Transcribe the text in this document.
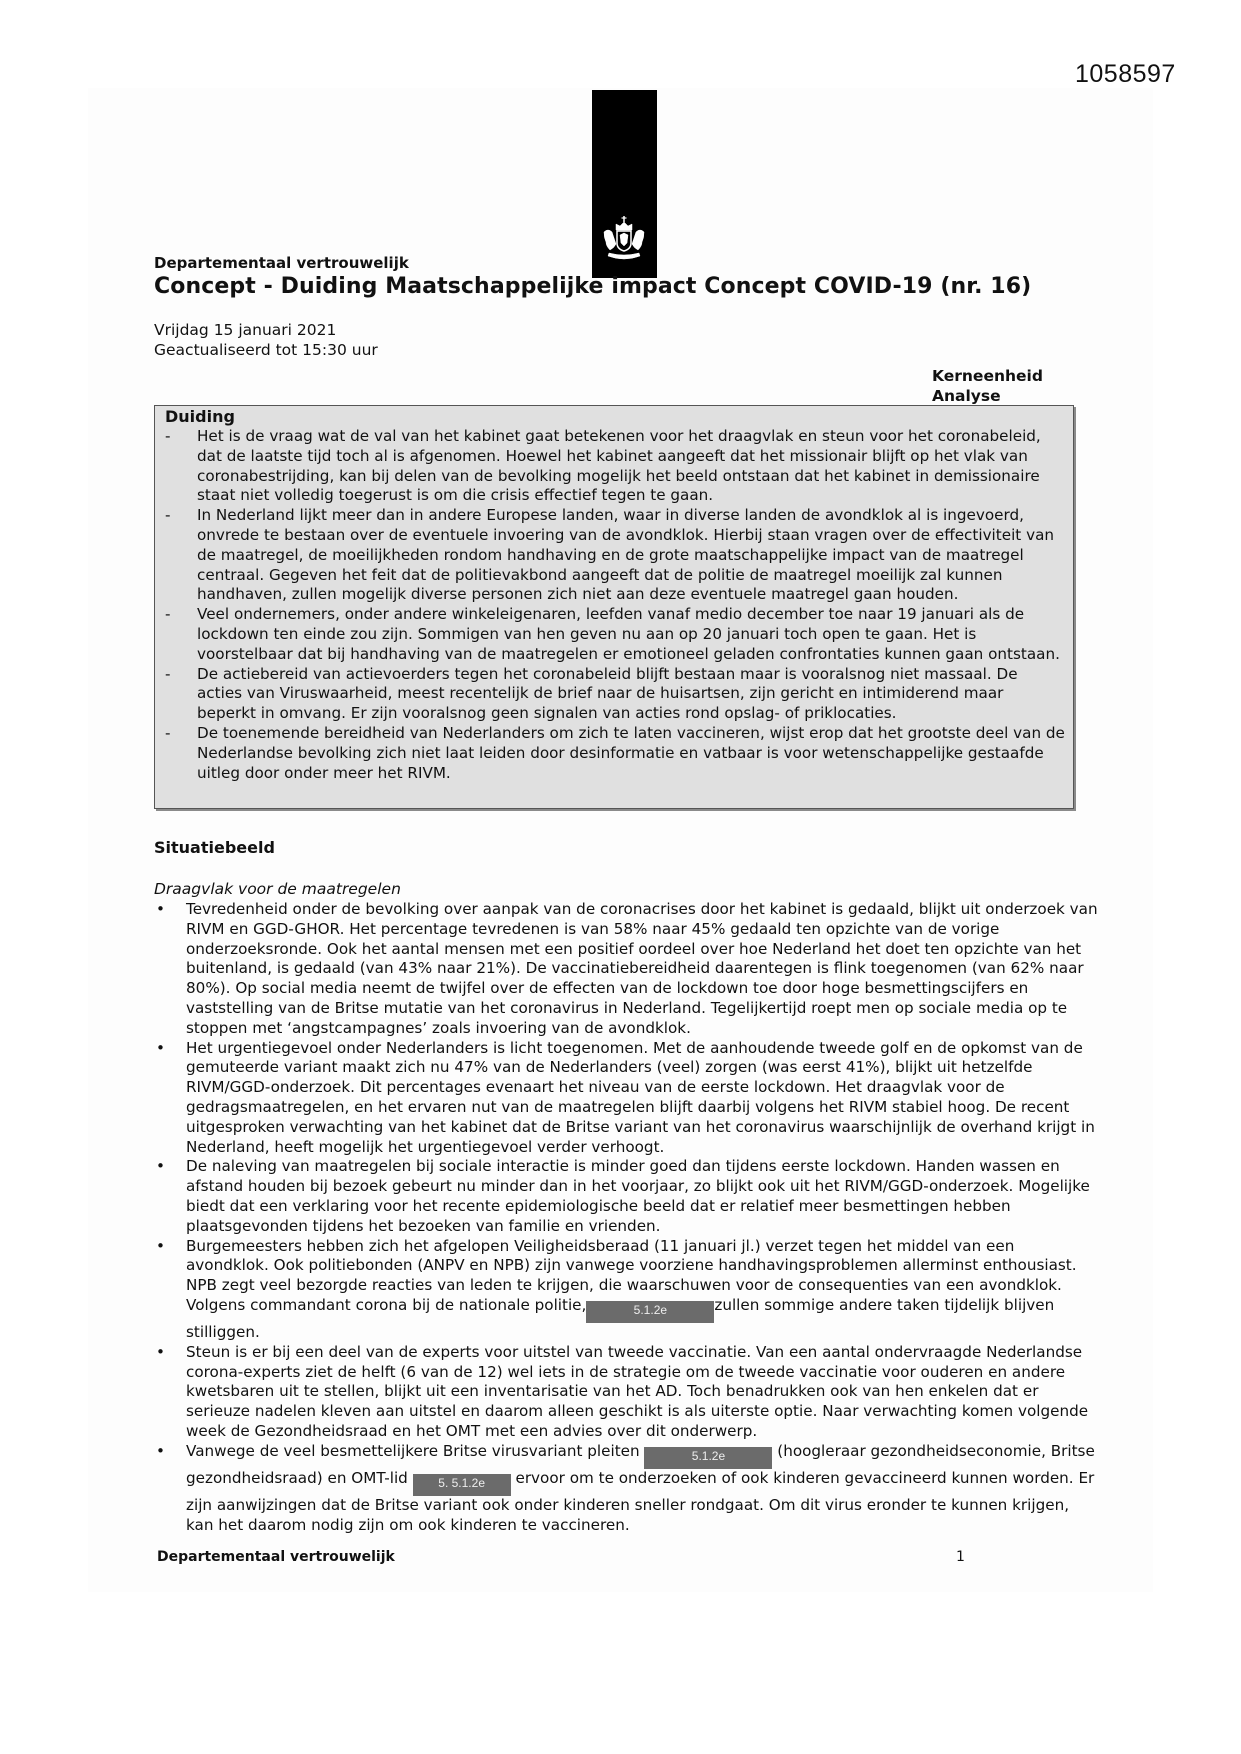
1058597
Departementaal vertrouwelijk
Concept - Duiding Maatschappelijke impact Concept COVID-19 (nr. 16)
Vrijdag 15 januari 2021
Geactualiseerd tot 15:30 uur
Kerneenheid
Analyse
Duiding
- Het is de vraag wat de val van het kabinet gaat betekenen voor het draagvlak en steun voor het coronabeleid, dat de laatste tijd toch al is afgenomen. Hoewel het kabinet aangeeft dat het missionair blijft op het vlak van coronabestrijding, kan bij delen van de bevolking mogelijk het beeld ontstaan dat het kabinet in demissionaire staat niet volledig toegerust is om die crisis effectief tegen te gaan.
- In Nederland lijkt meer dan in andere Europese landen, waar in diverse landen de avondklok al is ingevoerd, onvrede te bestaan over de eventuele invoering van de avondklok. Hierbij staan vragen over de effectiviteit van de maatregel, de moeilijkheden rondom handhaving en de grote maatschappelijke impact van de maatregel centraal. Gegeven het feit dat de politievakbond aangeeft dat de politie de maatregel moeilijk zal kunnen handhaven, zullen mogelijk diverse personen zich niet aan deze eventuele maatregel gaan houden.
- Veel ondernemers, onder andere winkeleigenaren, leefden vanaf medio december toe naar 19 januari als de lockdown ten einde zou zijn. Sommigen van hen geven nu aan op 20 januari toch open te gaan. Het is voorstelbaar dat bij handhaving van de maatregelen er emotioneel geladen confrontaties kunnen gaan ontstaan.
- De actiebereid van actievoerders tegen het coronabeleid blijft bestaan maar is vooralsnog niet massaal. De acties van Viruswaarheid, meest recentelijk de brief naar de huisartsen, zijn gericht en intimiderend maar beperkt in omvang. Er zijn vooralsnog geen signalen van acties rond opslag- of priklocaties.
- De toenemende bereidheid van Nederlanders om zich te laten vaccineren, wijst erop dat het grootste deel van de Nederlandse bevolking zich niet laat leiden door desinformatie en vatbaar is voor wetenschappelijke gestaafde uitleg door onder meer het RIVM.
Situatiebeeld
Draagvlak voor de maatregelen
• Tevredenheid onder de bevolking over aanpak van de coronacrises door het kabinet is gedaald, blijkt uit onderzoek van RIVM en GGD-GHOR. Het percentage tevredenen is van 58% naar 45% gedaald ten opzichte van de vorige onderzoeksronde. Ook het aantal mensen met een positief oordeel over hoe Nederland het doet ten opzichte van het buitenland, is gedaald (van 43% naar 21%). De vaccinatiebereidheid daarentegen is flink toegenomen (van 62% naar 80%). Op social media neemt de twijfel over de effecten van de lockdown toe door hoge besmettingscijfers en vaststelling van de Britse mutatie van het coronavirus in Nederland. Tegelijkertijd roept men op sociale media op te stoppen met ‘angstcampagnes’ zoals invoering van de avondklok.
• Het urgentiegevoel onder Nederlanders is licht toegenomen. Met de aanhoudende tweede golf en de opkomst van de gemuteerde variant maakt zich nu 47% van de Nederlanders (veel) zorgen (was eerst 41%), blijkt uit hetzelfde RIVM/GGD-onderzoek. Dit percentages evenaart het niveau van de eerste lockdown. Het draagvlak voor de gedragsmaatregelen, en het ervaren nut van de maatregelen blijft daarbij volgens het RIVM stabiel hoog. De recent uitgesproken verwachting van het kabinet dat de Britse variant van het coronavirus waarschijnlijk de overhand krijgt in Nederland, heeft mogelijk het urgentiegevoel verder verhoogt.
• De naleving van maatregelen bij sociale interactie is minder goed dan tijdens eerste lockdown. Handen wassen en afstand houden bij bezoek gebeurt nu minder dan in het voorjaar, zo blijkt ook uit het RIVM/GGD-onderzoek. Mogelijke biedt dat een verklaring voor het recente epidemiologische beeld dat er relatief meer besmettingen hebben plaatsgevonden tijdens het bezoeken van familie en vrienden.
• Burgemeesters hebben zich het afgelopen Veiligheidsberaad (11 januari jl.) verzet tegen het middel van een avondklok. Ook politiebonden (ANPV en NPB) zijn vanwege voorziene handhavingsproblemen allerminst enthousiast. NPB zegt veel bezorgde reacties van leden te krijgen, die waarschuwen voor de consequenties van een avondklok. Volgens commandant corona bij de nationale politie,	5.1.2e	zullen sommige andere taken tijdelijk blijven stilliggen.
• Steun is er bij een deel van de experts voor uitstel van tweede vaccinatie. Van een aantal ondervraagde Nederlandse corona-experts ziet de helft (6 van de 12) wel iets in de strategie om de tweede vaccinatie voor ouderen en andere kwetsbaren uit te stellen, blijkt uit een inventarisatie van het AD. Toch benadrukken ook van hen enkelen dat er serieuze nadelen kleven aan uitstel en daarom alleen geschikt is als uiterste optie. Naar verwachting komen volgende week de Gezondheidsraad en het OMT met een advies over dit onderwerp.
• Vanwege de veel besmettelijkere Britse virusvariant pleiten	5.1.2e	(hoogleraar gezondheidseconomie, Britse gezondheidsraad) en OMT-lid	5. 5.1.2e ervoor om te onderzoeken of ook kinderen gevaccineerd kunnen worden. Er zijn aanwijzingen dat de Britse variant ook onder kinderen sneller rondgaat. Om dit virus eronder te kunnen krijgen, kan het daarom nodig zijn om ook kinderen te vaccineren.
Departementaal vertrouwelijk	1
